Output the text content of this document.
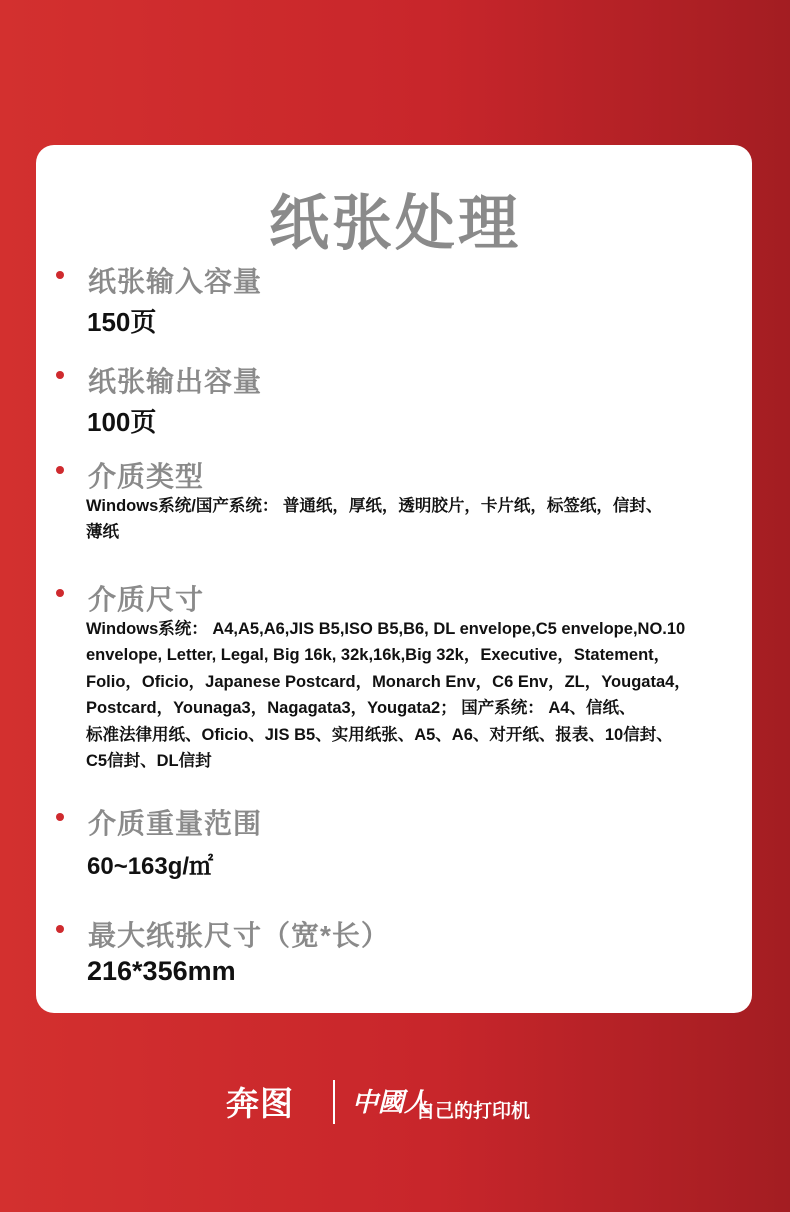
纸张处理
纸张输入容量
150页
纸张输出容量
100页
介质类型

Windows系统/国产系统： 普通纸，厚纸，透明胶片，卡片纸，标签纸，信封、
薄纸

介质尺寸

Windows系统： A4,A5,A6,JIS B5,ISO B5,B6, DL envelope,C5 envelope,NO.10
envelope, Letter, Legal, Big 16k, 32k,16k,Big 32k，Executive，Statement，
Folio，Oficio，Japanese Postcard，Monarch Env，C6 Env，ZL，Yougata4，
Postcard，Younaga3，Nagagata3，Yougata2； 国产系统： A4、信纸、
标准法律用纸、Oficio、JIS B5、实用纸张、A5、A6、对开纸、报表、10信封、
C5信封、DL信封

介质重量范围
60~163g/㎡
最大纸张尺寸（宽*长）
216*356mm
奔图 中國人
自己的打印机
